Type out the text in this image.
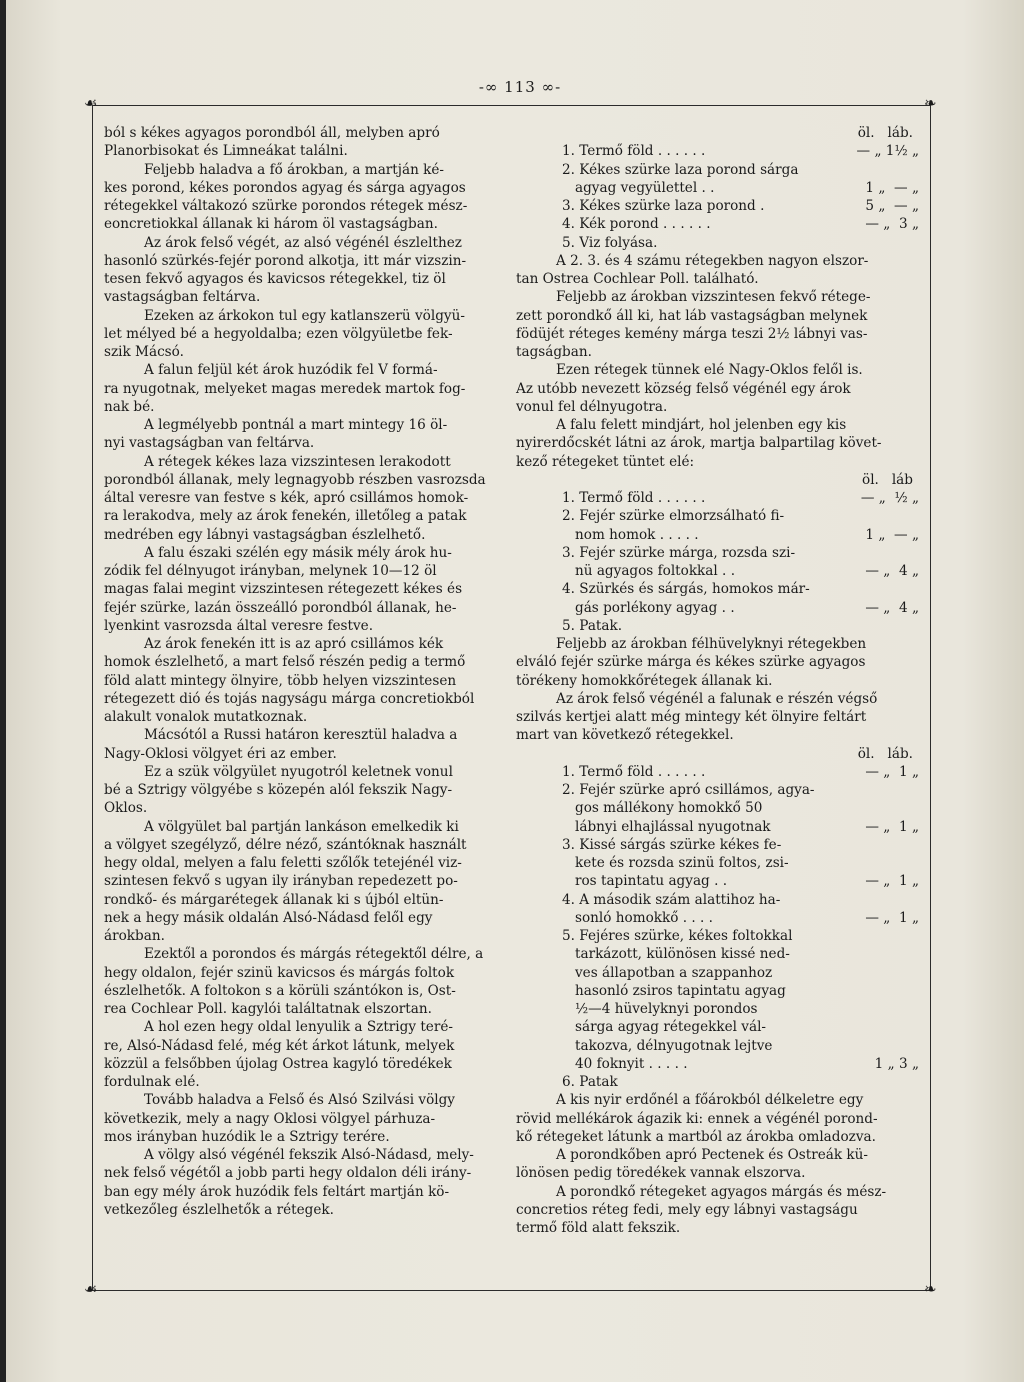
-∞ 113 ∞-
☙	❧
☙	❧

ból s kékes agyagos porondból áll, melyben apró
Planorbisokat és Limneákat találni.

Feljebb haladva a fő árokban, a martján ké-
kes porond, kékes porondos agyag és sárga agyagos
rétegekkel váltakozó szürke porondos rétegek mész-
eoncretiokkal állanak ki három öl vastagságban.

Az árok felső végét, az alsó végénél észlelthez
hasonló szürkés-fejér porond alkotja, itt már vizszin-
tesen fekvő agyagos és kavicsos rétegekkel, tiz öl
vastagságban feltárva.

Ezeken az árkokon tul egy katlanszerü völgyü-
let mélyed bé a hegyoldalba; ezen völgyületbe fek-
szik Mácsó.

A falun feljül két árok huzódik fel V formá-
ra nyugotnak, melyeket magas meredek martok fog-
nak bé.

A legmélyebb pontnál a mart mintegy 16 öl-
nyi vastagságban van feltárva.

A rétegek kékes laza vizszintesen lerakodott
porondból állanak, mely legnagyobb részben vasrozsda
által veresre van festve s kék, apró csillámos homok-
ra lerakodva, mely az árok fenekén, illetőleg a patak
medrében egy lábnyi vastagságban észlelhető.

A falu északi szélén egy másik mély árok hu-
zódik fel délnyugot irányban, melynek 10—12 öl
magas falai megint vizszintesen rétegezett kékes és
fejér szürke, lazán összeálló porondból állanak, he-
lyenkint vasrozsda által veresre festve.

Az árok fenekén itt is az apró csillámos kék
homok észlelhető, a mart felső részén pedig a termő
föld alatt mintegy ölnyire, több helyen vizszintesen
rétegezett dió és tojás nagyságu márga concretiokból
alakult vonalok mutatkoznak.

Mácsótól a Russi határon keresztül haladva a
Nagy-Oklosi völgyet éri az ember.

Ez a szük völgyület nyugotról keletnek vonul
bé a Sztrigy völgyébe s közepén alól fekszik Nagy-
Oklos.

A völgyület bal partján lankáson emelkedik ki
a völgyet szegélyző, délre néző, szántóknak használt
hegy oldal, melyen a falu feletti szőlők tetejénél viz-
szintesen fekvő s ugyan ily irányban repedezett po-
rondkő- és márgarétegek állanak ki s újból eltün-
nek a hegy másik oldalán Alsó-Nádasd felől egy
árokban.

Ezektől a porondos és márgás rétegektől délre, a
hegy oldalon, fejér szinü kavicsos és márgás foltok
észlelhetők. A foltokon s a körüli szántókon is, Ost-
rea Cochlear Poll. kagylói találtatnak elszortan.

A hol ezen hegy oldal lenyulik a Sztrigy teré-
re, Alsó-Nádasd felé, még két árkot látunk, melyek
közzül a felsőbben újolag Ostrea kagyló töredékek
fordulnak elé.

Tovább haladva a Felső és Alsó Szilvási völgy
következik, mely a nagy Oklosi völgyel párhuza-
mos irányban huzódik le a Sztrigy terére.

A völgy alsó végénél fekszik Alsó-Nádasd, mely-
nek felső végétől a jobb parti hegy oldalon déli irány-
ban egy mély árok huzódik fels feltárt martján kö-
vetkezőleg észlelhetők a rétegek.

öl.   láb.
1. Termő föld . . . . . .	— „ 1½ „
2. Kékes szürke laza porond sárga
agyag vegyülettel . .	1 „  — „
3. Kékes szürke laza porond .	5 „  — „
4. Kék porond . . . . . .	— „  3 „
5. Viz folyása.

A 2. 3. és 4 számu rétegekben nagyon elszor-
tan Ostrea Cochlear Poll. található.

Feljebb az árokban vizszintesen fekvő rétege-
zett porondkő áll ki, hat láb vastagságban melynek
födüjét réteges kemény márga teszi 2½ lábnyi vas-
tagságban.

Ezen rétegek tünnek elé Nagy-Oklos felől is.
Az utóbb nevezett község felső végénél egy árok
vonul fel délnyugotra.

A falu felett mindjárt, hol jelenben egy kis
nyirerdőcskét látni az árok, martja balpartilag követ-
kező rétegeket tüntet elé:

öl.   láb
1. Termő föld . . . . . .	— „  ½ „
2. Fejér szürke elmorzsálható fi-
nom homok . . . . .	1 „  — „
3. Fejér szürke márga, rozsda szi-
nü agyagos foltokkal . .	— „  4 „
4. Szürkés és sárgás, homokos már-
gás porlékony agyag . .	— „  4 „
5. Patak.

Feljebb az árokban félhüvelyknyi rétegekben
elváló fejér szürke márga és kékes szürke agyagos
törékeny homokkőrétegek állanak ki.

Az árok felső végénél a falunak e részén végső
szilvás kertjei alatt még mintegy két ölnyire feltárt
mart van következő rétegekkel.

öl.   láb.
1. Termő föld . . . . . .	— „  1 „
2. Fejér szürke apró csillámos, agya-
gos mállékony homokkő 50
lábnyi elhajlással nyugotnak	— „  1 „
3. Kissé sárgás szürke kékes fe-
kete és rozsda szinü foltos, zsi-
ros tapintatu agyag . .	— „  1 „
4. A második szám alattihoz ha-
sonló homokkő . . . .	— „  1 „
5. Fejéres szürke, kékes foltokkal
tarkázott, különösen kissé ned-
ves állapotban a szappanhoz
hasonló zsiros tapintatu agyag
½—4 hüvelyknyi porondos
sárga agyag rétegekkel vál-
takozva, délnyugotnak lejtve
40 foknyit . . . . .	1 „ 3 „
6. Patak

A kis nyir erdőnél a főárokból délkeletre egy
rövid mellékárok ágazik ki: ennek a végénél porond-
kő rétegeket látunk a martból az árokba omladozva.

A porondkőben apró Pectenek és Ostreák kü-
lönösen pedig töredékek vannak elszorva.

A porondkő rétegeket agyagos márgás és mész-
concretios réteg fedi, mely egy lábnyi vastagságu
termő föld alatt fekszik.
